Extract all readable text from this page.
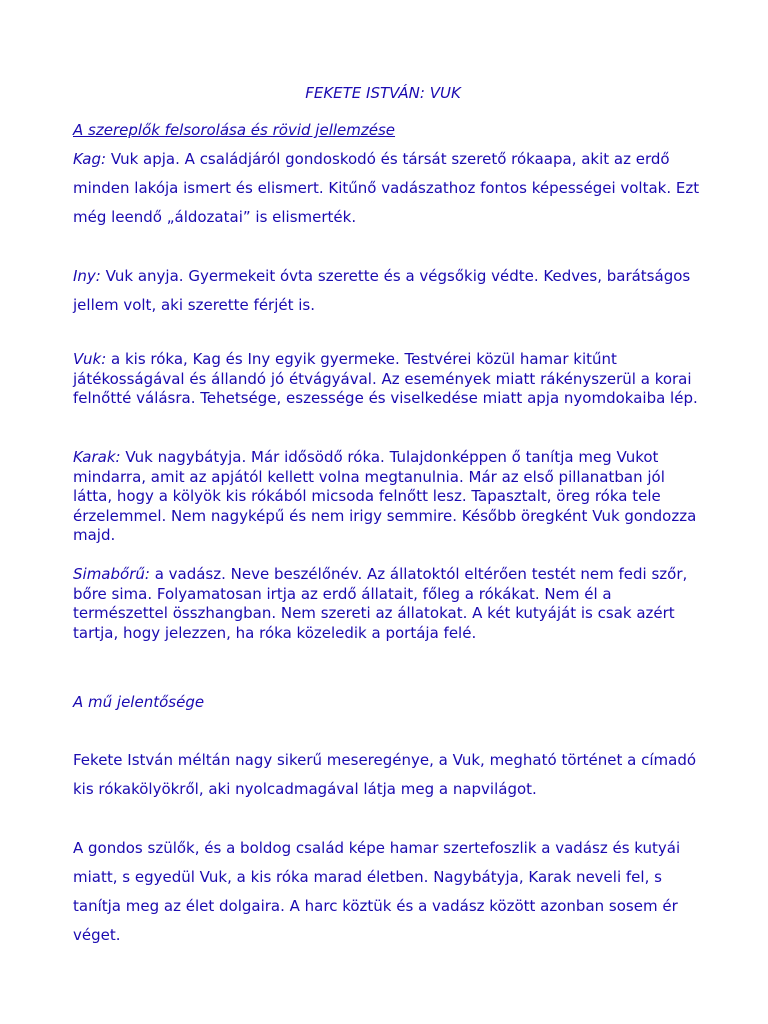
FEKETE ISTVÁN: VUK

A szereplők felsorolása és rövid jellemzése

Kag: Vuk apja. A családjáról gondoskodó és társát szerető rókaapa, akit az erdő minden lakója ismert és elismert. Kitűnő vadászathoz fontos képességei voltak. Ezt még leendő „áldozatai” is elismerték.

Iny: Vuk anyja. Gyermekeit óvta szerette és a végsőkig védte. Kedves, barátságos jellem volt, aki szerette férjét is.

Vuk: a kis róka, Kag és Iny egyik gyermeke. Testvérei közül hamar kitűnt játékosságával és állandó jó étvágyával. Az események miatt rákényszerül a korai felnőtté válásra. Tehetsége, eszessége és viselkedése miatt apja nyomdokaiba lép.

Karak: Vuk nagybátyja. Már idősödő róka. Tulajdonképpen ő tanítja meg Vukot mindarra, amit az apjától kellett volna megtanulnia. Már az első pillanatban jól látta, hogy a kölyök kis rókából micsoda felnőtt lesz. Tapasztalt, öreg róka tele érzelemmel. Nem nagyképű és nem irigy semmire. Később öregként Vuk gondozza majd.

Simabőrű: a vadász. Neve beszélőnév. Az állatoktól eltérően testét nem fedi szőr, bőre sima. Folyamatosan irtja az erdő állatait, főleg a rókákat. Nem él a természettel összhangban. Nem szereti az állatokat. A két kutyáját is csak azért tartja, hogy jelezzen, ha róka közeledik a portája felé.

A mű jelentősége

Fekete István méltán nagy sikerű meseregénye, a Vuk, megható történet a címadó kis rókakölyökről, aki nyolcadmagával látja meg a napvilágot.

A gondos szülők, és a boldog család képe hamar szertefoszlik a vadász és kutyái miatt, s egyedül Vuk, a kis róka marad életben. Nagybátyja, Karak neveli fel, s tanítja meg az élet dolgaira. A harc köztük és a vadász között azonban sosem ér véget.
